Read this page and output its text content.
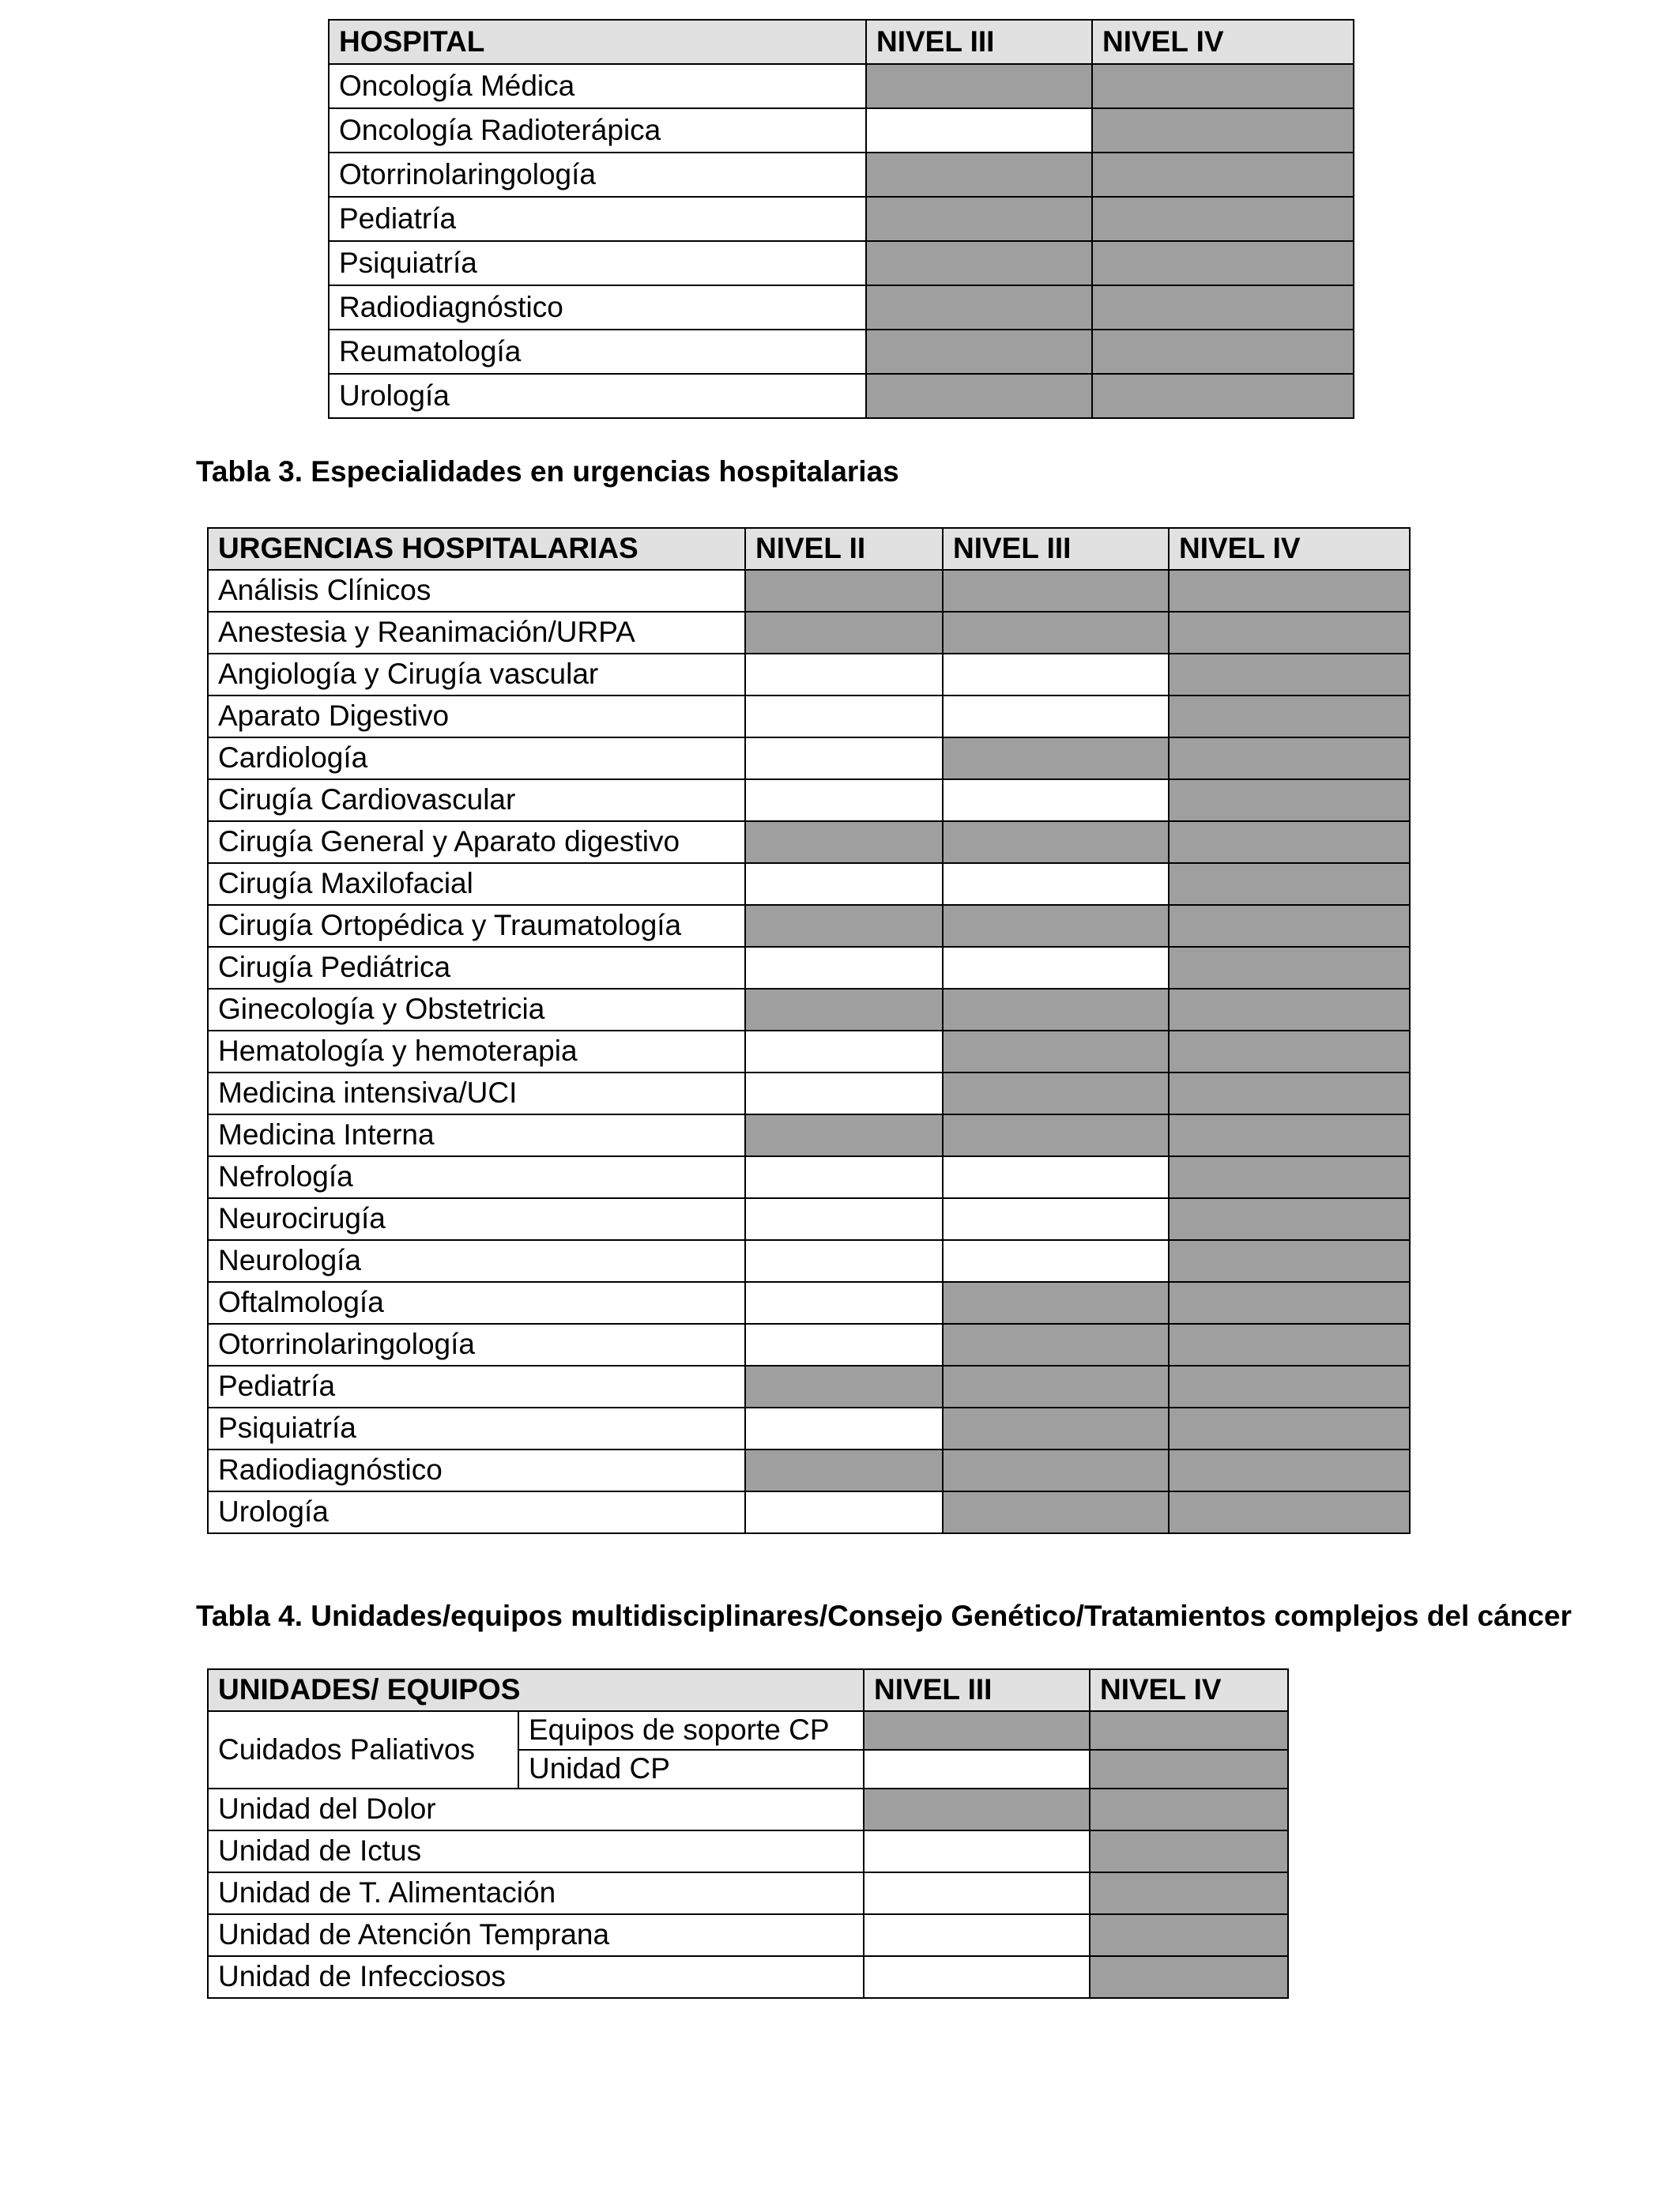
HOSPITAL	NIVEL III	NIVEL IV
Oncología Médica		
Oncología Radioterápica		
Otorrinolaringología		
Pediatría		
Psiquiatría		
Radiodiagnóstico		
Reumatología		
Urología		

Tabla 3. Especialidades en urgencias hospitalarias

URGENCIAS HOSPITALARIAS	NIVEL II	NIVEL III	NIVEL IV
Análisis Clínicos			
Anestesia y Reanimación/URPA			
Angiología y Cirugía vascular			
Aparato Digestivo			
Cardiología			
Cirugía Cardiovascular			
Cirugía General y Aparato digestivo			
Cirugía Maxilofacial			
Cirugía Ortopédica y Traumatología			
Cirugía Pediátrica			
Ginecología y Obstetricia			
Hematología y hemoterapia			
Medicina intensiva/UCI			
Medicina Interna			
Nefrología			
Neurocirugía			
Neurología			
Oftalmología			
Otorrinolaringología			
Pediatría			
Psiquiatría			
Radiodiagnóstico			
Urología			

Tabla 4. Unidades/equipos multidisciplinares/Consejo Genético/Tratamientos complejos del cáncer

UNIDADES/ EQUIPOS		NIVEL III	NIVEL IV
Cuidados Paliativos	Equipos de soporte CP		
	Unidad CP		
Unidad del Dolor			
Unidad de Ictus			
Unidad de T. Alimentación			
Unidad de Atención Temprana			
Unidad de Infecciosos			
